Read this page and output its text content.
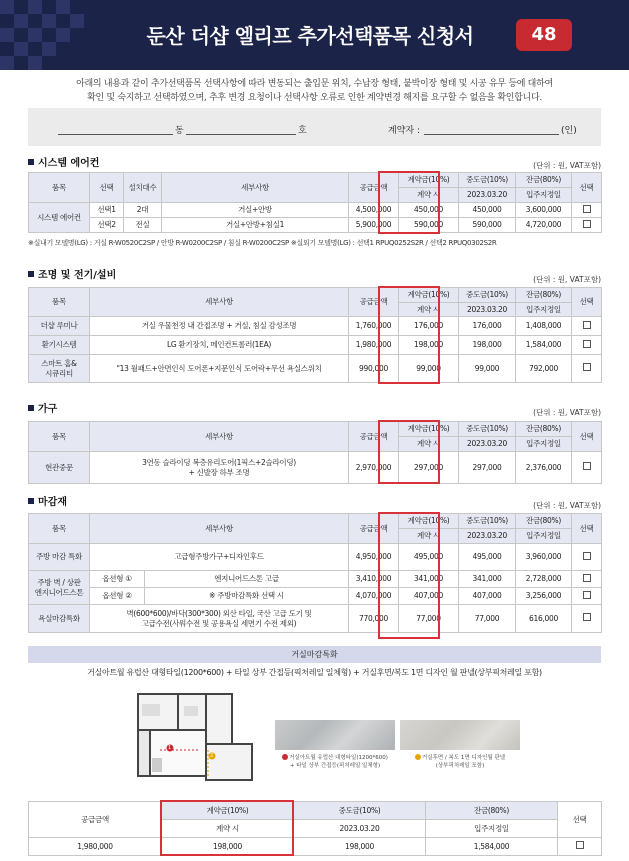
둔산 더샵 엘리프 추가선택품목 신청서	48
아래의 내용과 같이 추가선택품목 선택사항에 따라 변동되는 출입문 위치, 수납장 형태, 붙박이장 형태 및 시공 유무 등에 대하여
확인 및 숙지하고 선택하였으며, 추후 변경 요청이나 선택사항 오류로 인한 계약변경 해지를 요구할 수 없음을 확인합니다.
동	호	계약자 :	(인)
시스템 에어컨	(단위 : 원, VAT포함)
품목	선택	설치대수	세부사항	공급금액	계약금(10%)	중도금(10%)	잔금(80%)	선택
					계약 시	2023.03.20	입주지정일	
시스템 에어컨	선택1	2대	거실+안방	4,500,000	450,000	450,000	3,600,000	
	선택2	전실	거실+안방+침실1	5,900,000	590,000	590,000	4,720,000	
※실내기 모델명(LG) : 거실 R-W0520C2SP / 안방 R-W0200C2SP / 침실 R-W0200C2SP ※실외기 모델명(LG) : 선택1 RPUQ0252S2R / 선택2 RPUQ0302S2R
조명 및 전기/설비	(단위 : 원, VAT포함)
품목	세부사항	공급금액	계약금(10%)	중도금(10%)	잔금(80%)	선택
			계약 시	2023.03.20	입주지정일	
더샵 루미나	거실 우물천정 내 간접조명 + 거실, 침실 감성조명	1,760,000	176,000	176,000	1,408,000	
환기시스템	LG 환기장치, 메인컨트롤러(1EA)	1,980,000	198,000	198,000	1,584,000	
스마트 홈&
시큐리티	"13 월패드+안면인식 도어폰+지문인식 도어락+무선 욕실스위치	990,000	99,000	99,000	792,000	
가구	(단위 : 원, VAT포함)
품목	세부사항	공급금액	계약금(10%)	중도금(10%)	잔금(80%)	선택
			계약 시	2023.03.20	입주지정일	
현관중문	3연동 슬라이딩 복층유리도어(1픽스+2슬라이딩)
+ 신발장 하부 조명	2,970,000	297,000	297,000	2,376,000	
마감재	(단위 : 원, VAT포함)
품목	세부사항		공급금액	계약금(10%)	중도금(10%)	잔금(80%)	선택
				계약 시	2023.03.20	입주지정일	
주방 마감 특화	고급형주방가구+디자인후드		4,950,000	495,000	495,000	3,960,000	
주방 벽 / 상판
엔지니어드스톤	옵션형 ①	엔지니어드스톤 고급	3,410,000	341,000	341,000	2,728,000	
	옵션형 ②	※ 주방마감특화 선택 시	4,070,000	407,000	407,000	3,256,000	
욕실마감특화	벽(600*600)/바닥(300*300) 외산 타일, 국산 고급 도기 및
고급수전(사워수전 및 공용욕실 세면기 수전 제외)		770,000	77,000	77,000	616,000	
거실마감특화
거실아트월 유럽산 대형타일(1200*600) + 타일 상부 간접등(픽처레일 일체형) + 거실후면/복도 1면 디자인 월 판넬(상부픽처레일 포함)
1
2	거실아트월 유럽산 대형타일(1200*600)
+ 타일 상부 간접등(픽처레일 일체형)
거실후면 / 복도 1면 디자인월 판넬
(상부픽처레일 포함)
공급금액	계약금(10%)	중도금(10%)	잔금(80%)	선택
	계약 시	2023.03.20	입주지정일	
1,980,000	198,000	198,000	1,584,000	
